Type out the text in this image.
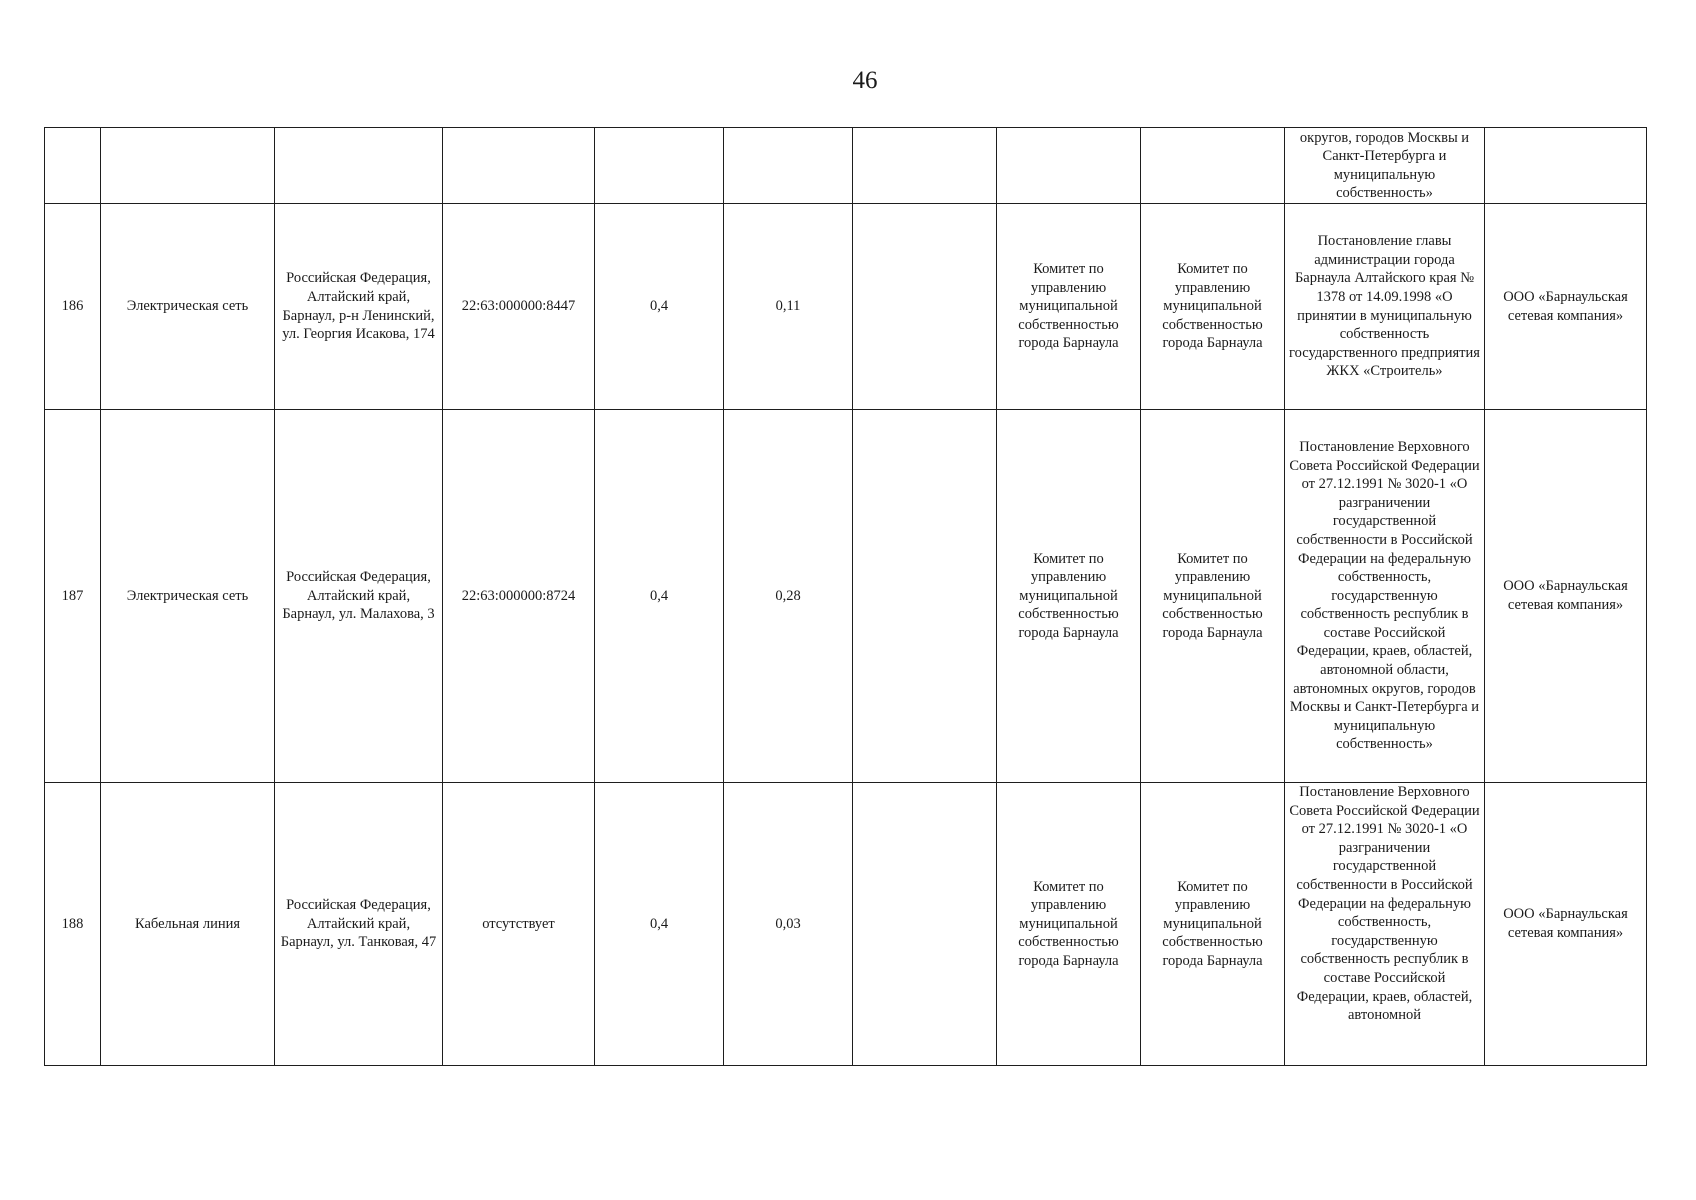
46
									округов, городов Москвы и Санкт-Петербурга и муниципальную собственность»	
186	Электрическая сеть	Российская Федерация, Алтайский край, Барнаул, р-н Ленинский, ул. Георгия Исакова, 174	22:63:000000:8447	0,4	0,11		Комитет по управлению муниципальной собственностью города Барнаула	Комитет по управлению муниципальной собственностью города Барнаула	Постановление главы администрации города Барнаула Алтайского края № 1378 от 14.09.1998 «О принятии в муниципальную собственность государственного предприятия ЖКХ «Строитель»	ООО «Барнаульская сетевая компания»
187	Электрическая сеть	Российская Федерация, Алтайский край, Барнаул, ул. Малахова, 3	22:63:000000:8724	0,4	0,28		Комитет по управлению муниципальной собственностью города Барнаула	Комитет по управлению муниципальной собственностью города Барнаула	Постановление Верховного Совета Российской Федерации от 27.12.1991 № 3020-1 «О разграничении государственной собственности в Российской Федерации на федеральную собственность, государственную собственность республик в составе Российской Федерации, краев, областей, автономной области, автономных округов, городов Москвы и Санкт-Петербурга и муниципальную собственность»	ООО «Барнаульская сетевая компания»
188	Кабельная линия	Российская Федерация, Алтайский край, Барнаул, ул. Танковая, 47	отсутствует	0,4	0,03		Комитет по управлению муниципальной собственностью города Барнаула	Комитет по управлению муниципальной собственностью города Барнаула	Постановление Верховного Совета Российской Федерации от 27.12.1991 № 3020-1 «О разграничении государственной собственности в Российской Федерации на федеральную собственность, государственную собственность республик в составе Российской Федерации, краев, областей, автономной	ООО «Барнаульская сетевая компания»
